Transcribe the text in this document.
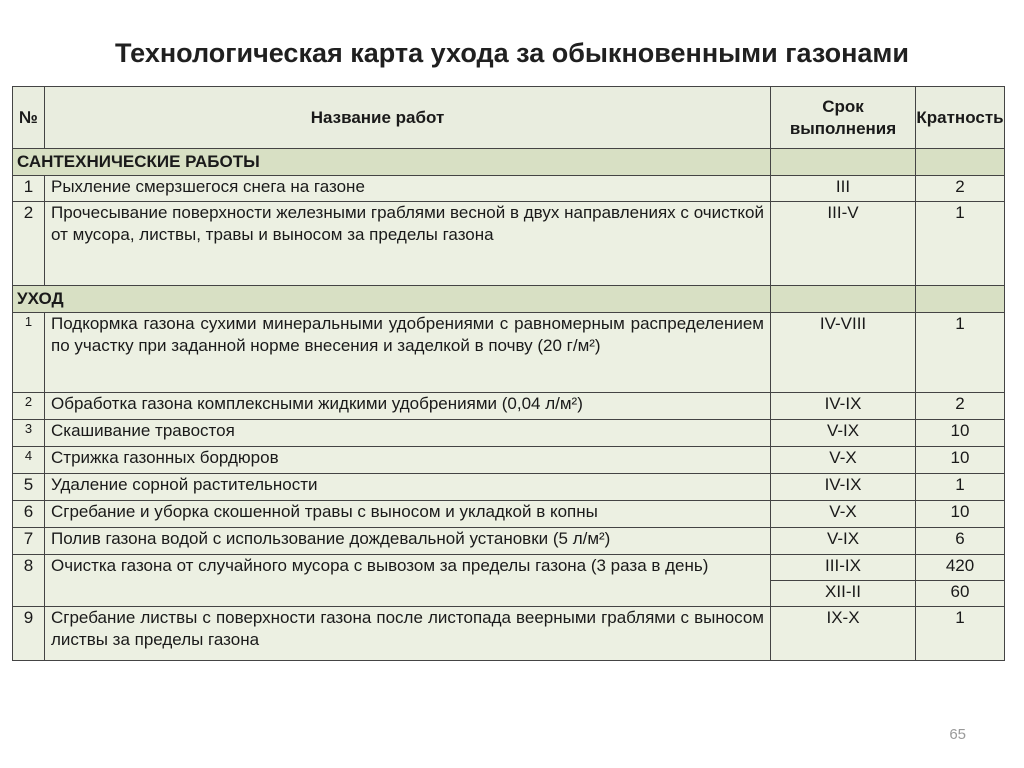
Технологическая карта ухода за обыкновенными газонами
№	Название работ	Срок выполнения	Кратность
САНТЕХНИЧЕСКИЕ РАБОТЫ			
1	Рыхление смерзшегося снега на газоне	III	2
2	Прочесывание поверхности железными граблями весной в двух направлениях с очисткой от мусора, листвы, травы и выносом за пределы газона	III-V	1
УХОД			
1	Подкормка газона сухими минеральными удобрениями с равномерным распределением по участку при заданной норме внесения и заделкой в почву (20 г/м²)	IV-VIII	1
2	Обработка газона комплексными жидкими удобрениями (0,04 л/м²)	IV-IX	2
3	Скашивание травостоя	V-IX	10
4	Стрижка газонных бордюров	V-X	10
5	Удаление сорной растительности	IV-IX	1
6	Сгребание и уборка скошенной травы с выносом и укладкой в копны	V-X	10
7	Полив газона водой с использование дождевальной установки (5 л/м²)	V-IX	6
8	Очистка газона от случайного мусора с вывозом за пределы газона (3 раза в день)	III-IX	420
		XII-II	60
9	Сгребание листвы с поверхности газона после листопада веерными граблями с выносом листвы за пределы газона	IX-X	1
65
